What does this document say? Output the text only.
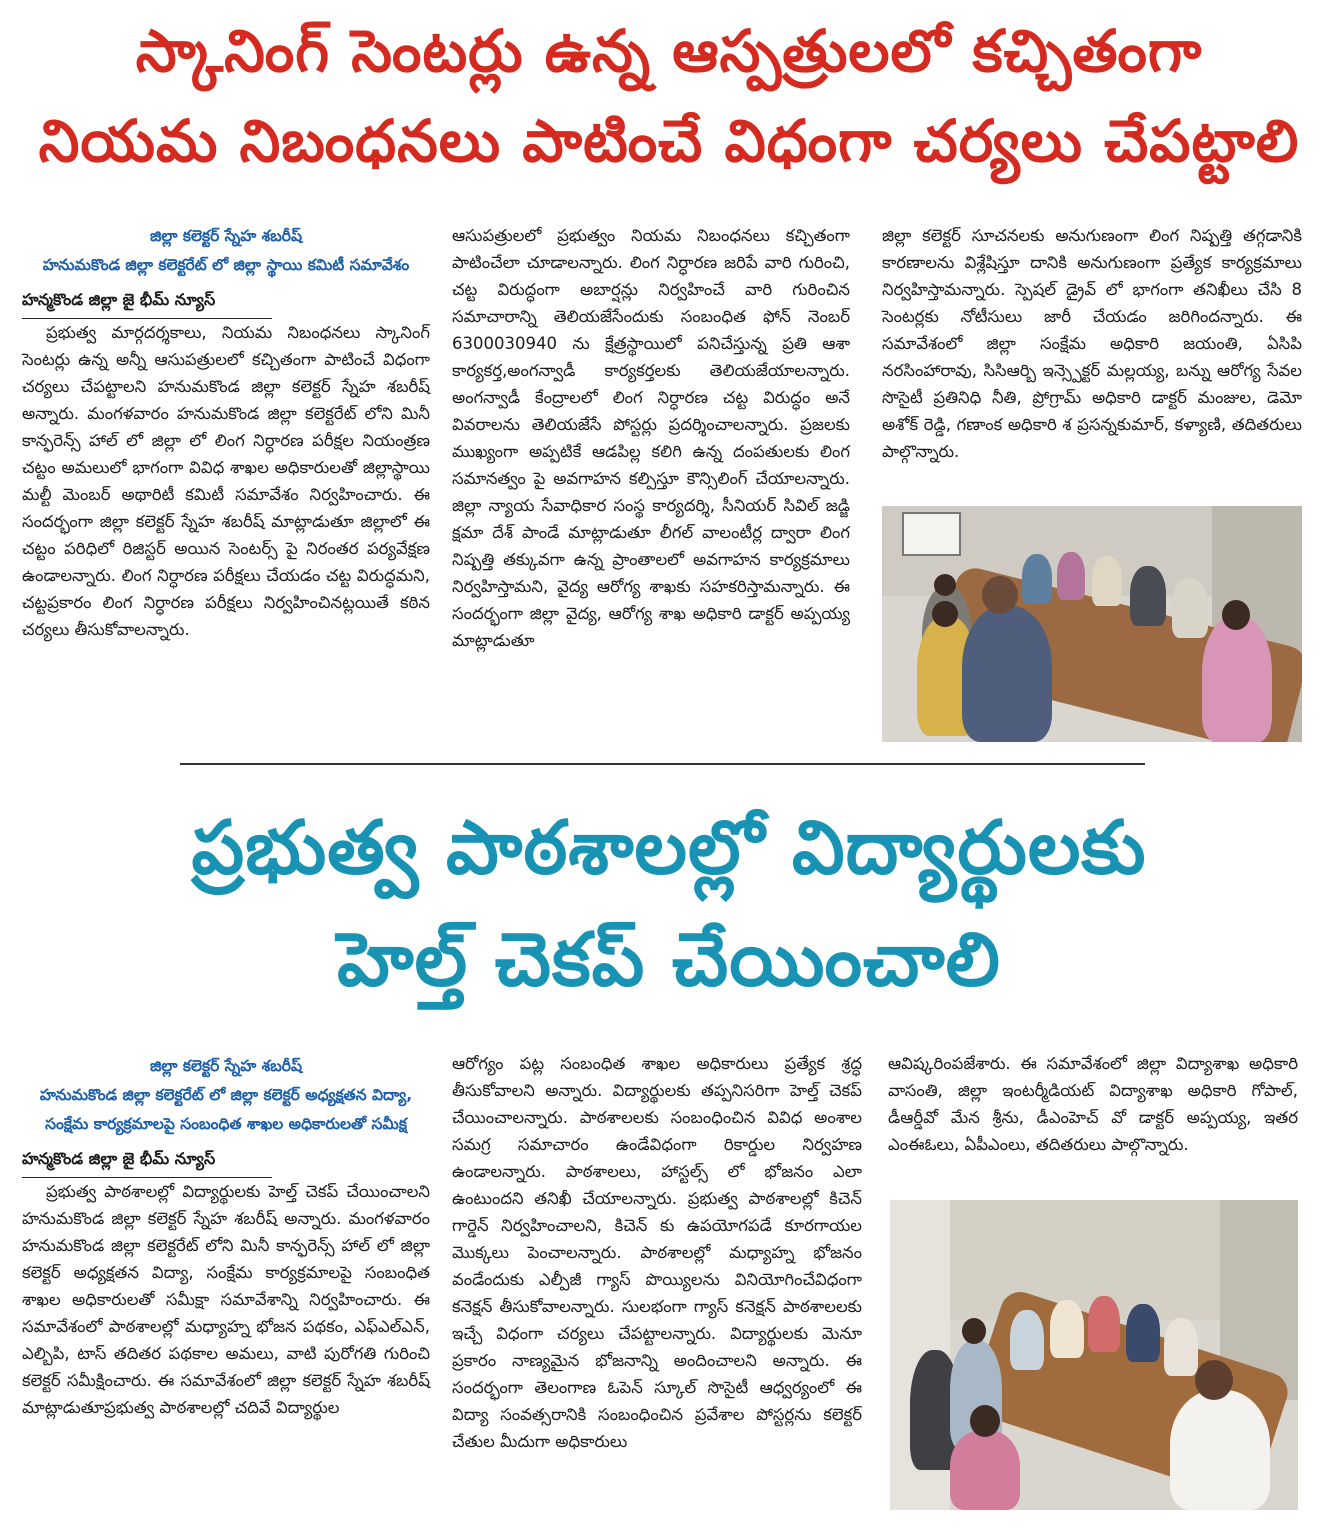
స్కానింగ్ సెంటర్లు ఉన్న ఆస్పత్రులలో కచ్చితంగా
నియమ నిబంధనలు పాటించే విధంగా చర్యలు చేపట్టాలి
జిల్లా కలెక్టర్ స్నేహ శబరీష్
హనుమకొండ జిల్లా కలెక్టరేట్ లో జిల్లా స్థాయి కమిటీ సమావేశం
హన్మకొండ జిల్లా జై భీమ్ న్యూస్

ప్రభుత్వ మార్గదర్శకాలు, నియమ నిబంధనలు స్కానింగ్ సెంటర్లు ఉన్న అన్నీ ఆసుపత్రులలో కచ్చితంగా పాటించే విధంగా చర్యలు చేపట్టాలని హనుమకొండ జిల్లా కలెక్టర్ స్నేహ శబరీష్ అన్నారు. మంగళవారం హనుమకొండ జిల్లా కలెక్టరేట్ లోని మినీ కాన్ఫరెన్స్ హాల్ లో జిల్లా లో లింగ నిర్ధారణ పరీక్షల నియంత్రణ చట్టం అమలులో భాగంగా వివిధ శాఖల అధికారులతో జిల్లాస్థాయి మల్టీ మెంబర్ అథారిటీ కమిటీ సమావేశం నిర్వహించారు. ఈ సందర్భంగా జిల్లా కలెక్టర్ స్నేహ శబరీష్ మాట్లాడుతూ జిల్లాలో ఈ చట్టం పరిధిలో రిజిస్టర్ అయిన సెంటర్స్ పై నిరంతర పర్యవేక్షణ ఉండాలన్నారు. లింగ నిర్ధారణ పరీక్షలు చేయడం చట్ట విరుద్ధమని, చట్టప్రకారం లింగ నిర్ధారణ పరీక్షలు నిర్వహించినట్లయితే కఠిన చర్యలు తీసుకోవాలన్నారు.

ఆసుపత్రులలో ప్రభుత్వం నియమ నిబంధనలు కచ్చితంగా పాటించేలా చూడాలన్నారు. లింగ నిర్ధారణ జరిపే వారి గురించి, చట్ట విరుద్ధంగా అబార్షన్లు నిర్వహించే వారి గురించిన సమాచారాన్ని తెలియజేసేందుకు సంబంధిత ఫోన్ నెంబర్ 6300030940 ను క్షేత్రస్థాయిలో పనిచేస్తున్న ప్రతి ఆశా కార్యకర్త,అంగన్వాడీ కార్యకర్తలకు తెలియజేయాలన్నారు. అంగన్వాడీ కేంద్రాలలో లింగ నిర్ధారణ చట్ట విరుద్ధం అనే వివరాలను తెలియజేసే పోస్టర్లు ప్రదర్శించాలన్నారు. ప్రజలకు ముఖ్యంగా అప్పటికే ఆడపిల్ల కలిగి ఉన్న దంపతులకు లింగ సమానత్వం పై అవగాహన కల్పిస్తూ కౌన్సిలింగ్ చేయాలన్నారు. జిల్లా న్యాయ సేవాధికార సంస్థ కార్యదర్శి, సీనియర్ సివిల్ జడ్జి క్షమా దేశ్ పాండే మాట్లాడుతూ లీగల్ వాలంటీర్ల ద్వారా లింగ నిష్పత్తి తక్కువగా ఉన్న ప్రాంతాలలో అవగాహన కార్యక్రమాలు నిర్వహిస్తామని, వైద్య ఆరోగ్య శాఖకు సహకరిస్తామన్నారు. ఈ సందర్భంగా జిల్లా వైద్య, ఆరోగ్య శాఖ అధికారి డాక్టర్ అప్పయ్య మాట్లాడుతూ

జిల్లా కలెక్టర్ సూచనలకు అనుగుణంగా లింగ నిష్పత్తి తగ్గడానికి కారణాలను విశ్లేషిస్తూ దానికి అనుగుణంగా ప్రత్యేక కార్యక్రమాలు నిర్వహిస్తామన్నారు. స్పెషల్ డ్రైవ్ లో భాగంగా తనిఖీలు చేసి 8 సెంటర్లకు నోటీసులు జారీ చేయడం జరిగిందన్నారు. ఈ సమావేశంలో జిల్లా సంక్షేమ అధికారి జయంతి, ఏసిపి నరసింహారావు, సిసిఆర్బి ఇన్స్పెక్టర్ మల్లయ్య, బన్ను ఆరోగ్య సేవల సొసైటీ ప్రతినిధి నీతి, ప్రోగ్రామ్ అధికారి డాక్టర్ మంజుల, డెమో అశోక్ రెడ్డి, గణాంక అధికారి శ ప్రసన్నకుమార్, కళ్యాణి, తదితరులు పాల్గొన్నారు.

ప్రభుత్వ పాఠశాలల్లో విద్యార్థులకు
హెల్త్ చెకప్ చేయించాలి
జిల్లా కలెక్టర్ స్నేహ శబరీష్
హనుమకొండ జిల్లా కలెక్టరేట్ లో జిల్లా కలెక్టర్ అధ్యక్షతన విద్యా, సంక్షేమ కార్యక్రమాలపై సంబంధిత శాఖల అధికారులతో సమీక్ష
హన్మకొండ జిల్లా జై భీమ్ న్యూస్

ప్రభుత్వ పాఠశాలల్లో విద్యార్థులకు హెల్త్ చెకప్ చేయించాలని హనుమకొండ జిల్లా కలెక్టర్ స్నేహ శబరీష్ అన్నారు. మంగళవారం హనుమకొండ జిల్లా కలెక్టరేట్ లోని మినీ కాన్ఫరెన్స్ హాల్ లో జిల్లా కలెక్టర్ అధ్యక్షతన విద్యా, సంక్షేమ కార్యక్రమాలపై సంబంధిత శాఖల అధికారులతో సమీక్షా సమావేశాన్ని నిర్వహించారు. ఈ సమావేశంలో పాఠశాలల్లో మధ్యాహ్న భోజన పథకం, ఎఫ్ఎల్ఎన్, ఎల్బిపి, టాస్ తదితర పథకాల అమలు, వాటి పురోగతి గురించి కలెక్టర్ సమీక్షించారు. ఈ సమావేశంలో జిల్లా కలెక్టర్ స్నేహ శబరీష్ మాట్లాడుతూప్రభుత్వ పాఠశాలల్లో చదివే విద్యార్థుల

ఆరోగ్యం పట్ల సంబంధిత శాఖల అధికారులు ప్రత్యేక శ్రద్ధ తీసుకోవాలని అన్నారు. విద్యార్థులకు తప్పనిసరిగా హెల్త్ చెకప్ చేయించాలన్నారు. పాఠశాలలకు సంబంధించిన వివిధ అంశాల సమగ్ర సమాచారం ఉండేవిధంగా రికార్డుల నిర్వహణ ఉండాలన్నారు. పాఠశాలలు, హాస్టల్స్ లో భోజనం ఎలా ఉంటుందని తనిఖీ చేయాలన్నారు. ప్రభుత్వ పాఠశాలల్లో కిచెన్ గార్డెన్ నిర్వహించాలని, కిచెన్ కు ఉపయోగపడే కూరగాయల మొక్కలు పెంచాలన్నారు. పాఠశాలల్లో మధ్యాహ్న భోజనం వండేందుకు ఎల్పీజీ గ్యాస్ పొయ్యిలను వినియోగించేవిధంగా కనెక్షన్ తీసుకోవాలన్నారు. సులభంగా గ్యాస్ కనెక్షన్ పాఠశాలలకు ఇచ్చే విధంగా చర్యలు చేపట్టాలన్నారు. విద్యార్థులకు మెనూ ప్రకారం నాణ్యమైన భోజనాన్ని అందించాలని అన్నారు. ఈ సందర్భంగా తెలంగాణ ఓపెన్ స్కూల్ సొసైటీ ఆధ్వర్యంలో ఈ విద్యా సంవత్సరానికి సంబంధించిన ప్రవేశాల పోస్టర్లను కలెక్టర్ చేతుల మీదుగా అధికారులు

ఆవిష్కరింపజేశారు. ఈ సమావేశంలో జిల్లా విద్యాశాఖ అధికారి వాసంతి, జిల్లా ఇంటర్మీడియట్ విద్యాశాఖ అధికారి గోపాల్, డీఆర్డీవో మేన శ్రీను, డీఎంహెచ్ వో డాక్టర్ అప్పయ్య, ఇతర ఎంఈఓలు, ఏపీఎంలు, తదితరులు పాల్గొన్నారు.
